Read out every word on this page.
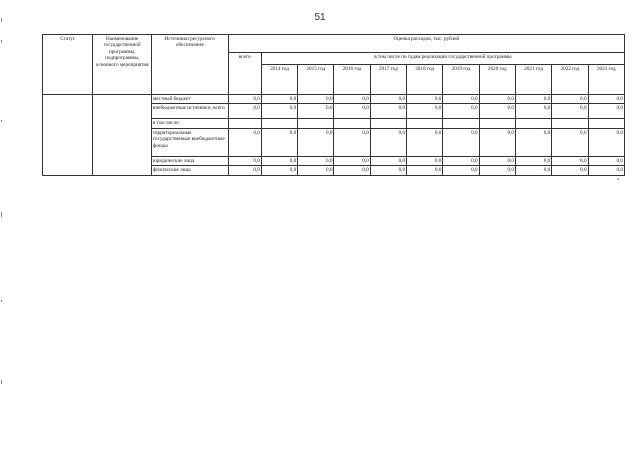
51
Статус	Наименование государственной программы, подпрограммы, основного мероприятия	Источники ресурсного обеспечения	Оценка расходов, тыс. рублей										
			всего	в том числе по годам реализации государственной программы									
				2014 год	2015 год	2016 год	2017 год	2018 год	2019 год	2020 год	2021 год	2022 год	2023 год
		местный бюджет	0,0	0,0	0,0	0,0	0,0	0,0	0,0	0,0	0,0	0,0	0,0
		внебюджетные источники, всего	0,0	0,0	0,0	0,0	0,0	0,0	0,0	0,0	0,0	0,0	0,0
		в том числе:											
		территориальные государственные внебюджетные фонды	0,0	0,0	0,0	0,0	0,0	0,0	0,0	0,0	0,0	0,0	0,0
		юридические лица	0,0	0,0	0,0	0,0	0,0	0,0	0,0	0,0	0,0	0,0	0,0
		физические лица	0,0	0,0	0,0	0,0	0,0	0,0	0,0	0,0	0,0	0,0	0,0
»
